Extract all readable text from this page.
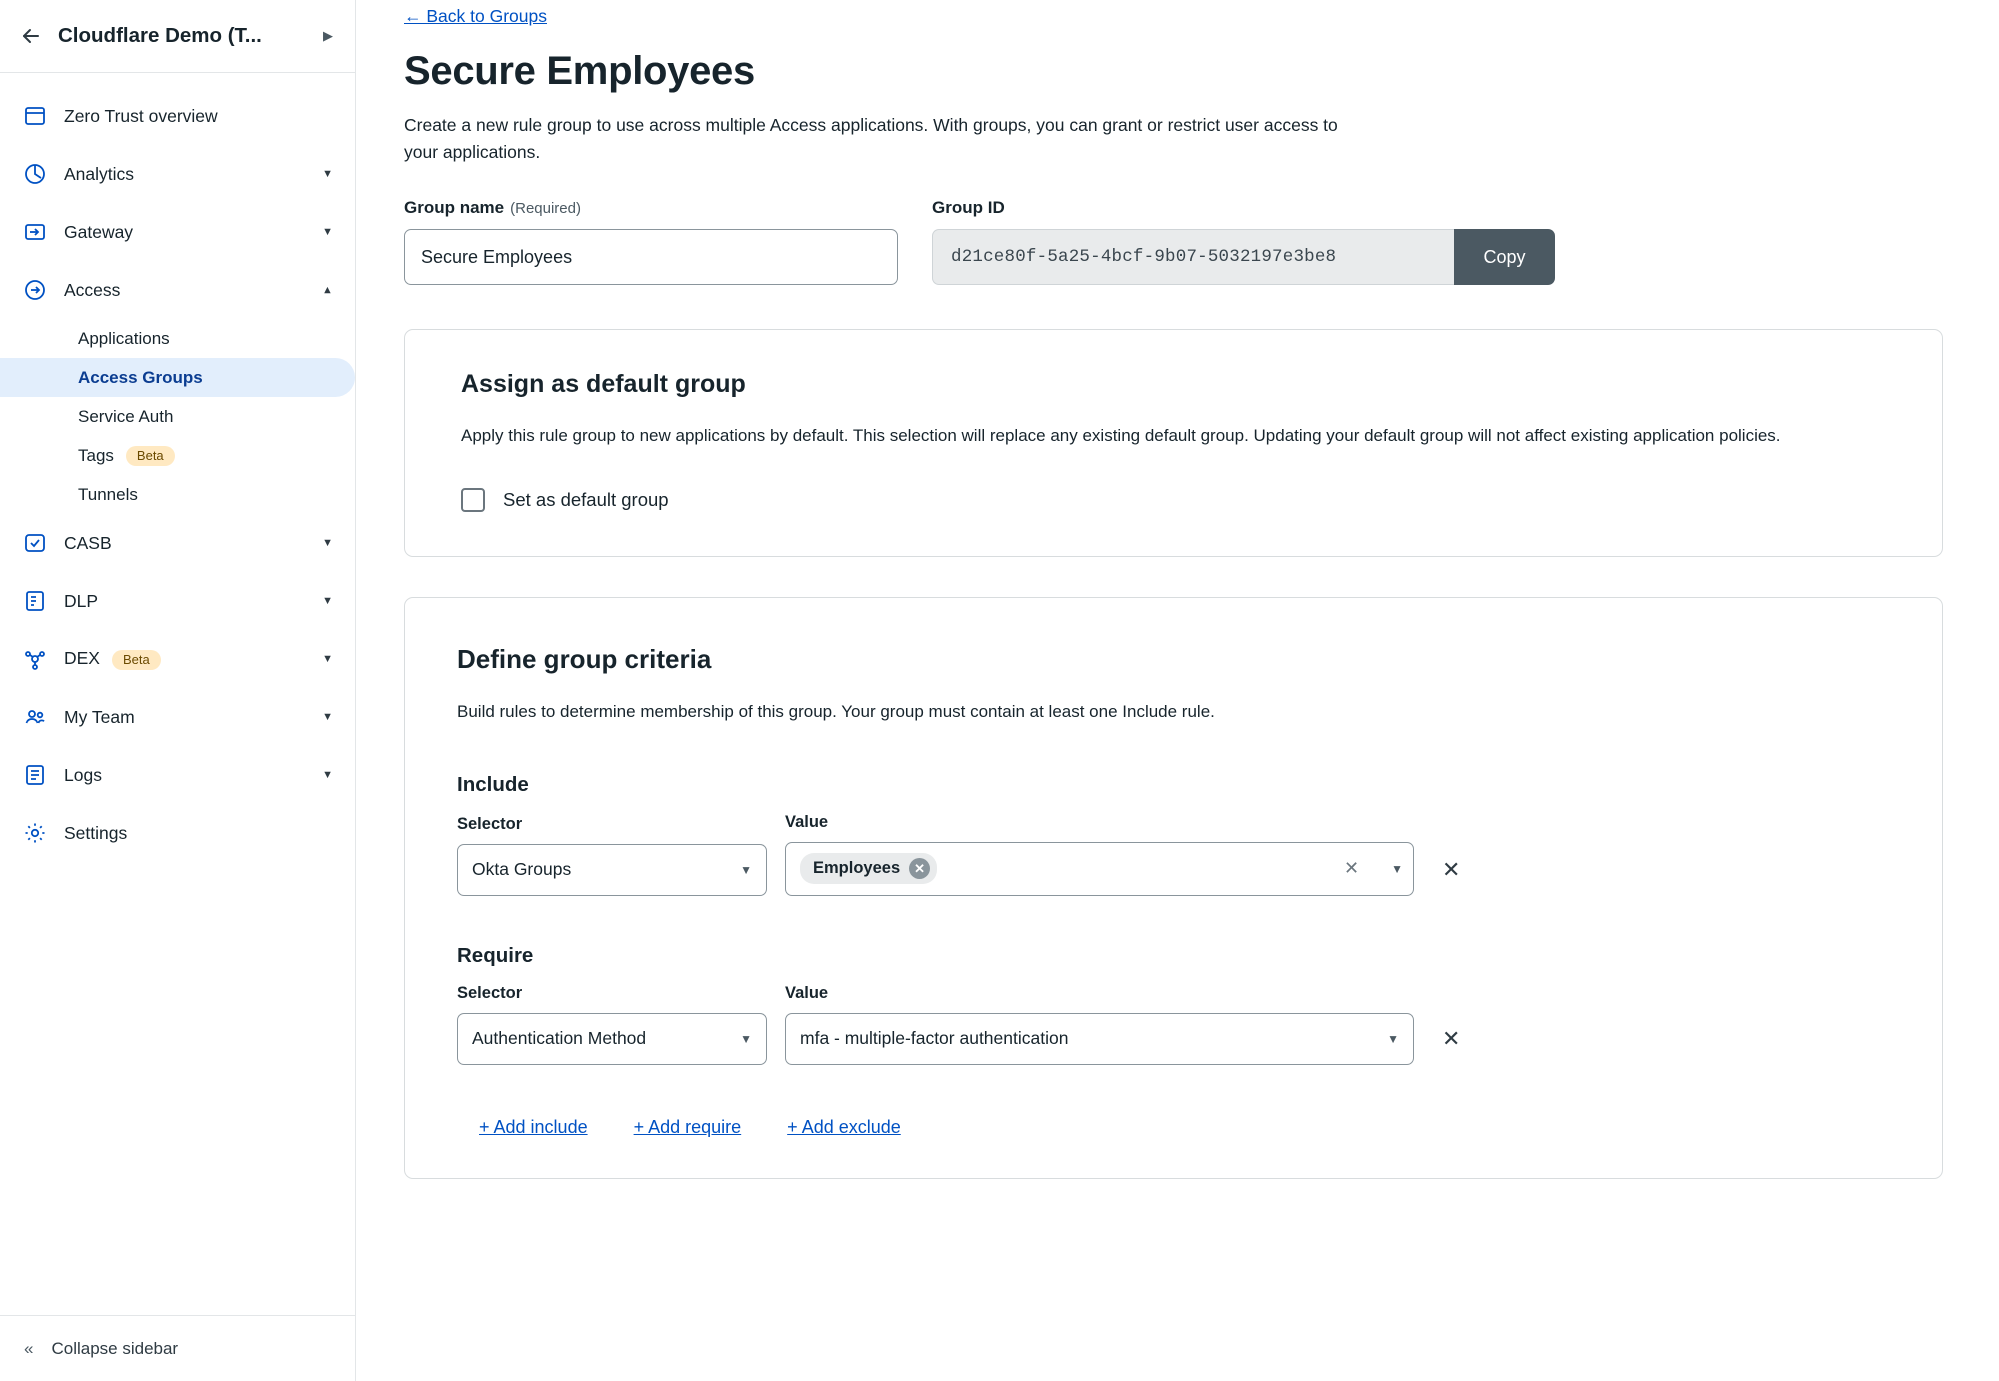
Cloudflare Demo (T...	▶
Zero Trust overview
Analytics	▼
Gateway	▼
Access	▼
Applications
Access Groups
Service Auth
Tags	Beta
Tunnels
CASB	▼
DLP	▼
DEX Beta	▼
My Team	▼
Logs	▼
Settings
« Collapse sidebar
← Back to Groups
Secure Employees

Create a new rule group to use across multiple Access applications. With groups, you can grant or restrict user access to your applications.

Group name (Required)
Secure Employees	Group ID
d21ce80f-5a25-4bcf-9b07-5032197e3be8	Copy
Assign as default group

Apply this rule group to new applications by default. This selection will replace any existing default group. Updating your default group will not affect existing application policies.

Set as default group
Define group criteria

Build rules to determine membership of this group. Your group must contain at least one Include rule.

Include
Selector
Okta Groups	▼
Value
Employees	✕	✕	▼ ✕
Require
Selector
Authentication Method	▼
Value
mfa - multiple-factor authentication	▼ ✕
+ Add include	+ Add require	+ Add exclude
